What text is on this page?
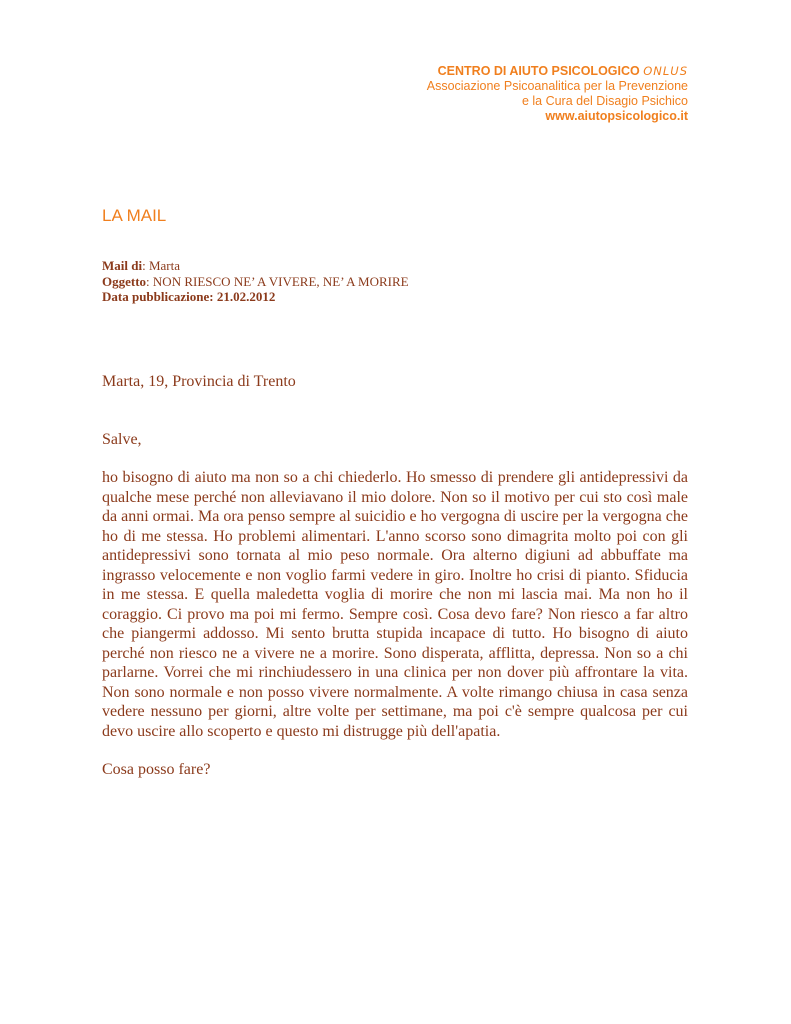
CENTRO DI AIUTO PSICOLOGICO ONLUS
Associazione Psicoanalitica per la Prevenzione
e la Cura del Disagio Psichico
www.aiutopsicologico.it
LA MAIL
Mail di: Marta
Oggetto: NON RIESCO NE’ A VIVERE, NE’ A MORIRE
Data pubblicazione: 21.02.2012

Marta, 19, Provincia di Trento

Salve,

ho bisogno di aiuto ma non so a chi chiederlo. Ho smesso di prendere gli antidepressivi da qualche mese perché non alleviavano il mio dolore. Non so il motivo per cui sto così male da anni ormai. Ma ora penso sempre al suicidio e ho vergogna di uscire per la vergogna che ho di me stessa. Ho problemi alimentari. L'anno scorso sono dimagrita molto poi con gli antidepressivi sono tornata al mio peso normale. Ora alterno digiuni ad abbuffate ma ingrasso velocemente e non voglio farmi vedere in giro. Inoltre ho crisi di pianto. Sfiducia in me stessa. E quella maledetta voglia di morire che non mi lascia mai. Ma non ho il coraggio. Ci provo ma poi mi fermo. Sempre così. Cosa devo fare? Non riesco a far altro che piangermi addosso. Mi sento brutta stupida incapace di tutto. Ho bisogno di aiuto perché non riesco ne a vivere ne a morire. Sono disperata, afflitta, depressa. Non so a chi parlarne. Vorrei che mi rinchiudessero in una clinica per non dover più affrontare la vita. Non sono normale e non posso vivere normalmente. A volte rimango chiusa in casa senza vedere nessuno per giorni, altre volte per settimane, ma poi c'è sempre qualcosa per cui devo uscire allo scoperto e questo mi distrugge più dell'apatia.

Cosa posso fare?
